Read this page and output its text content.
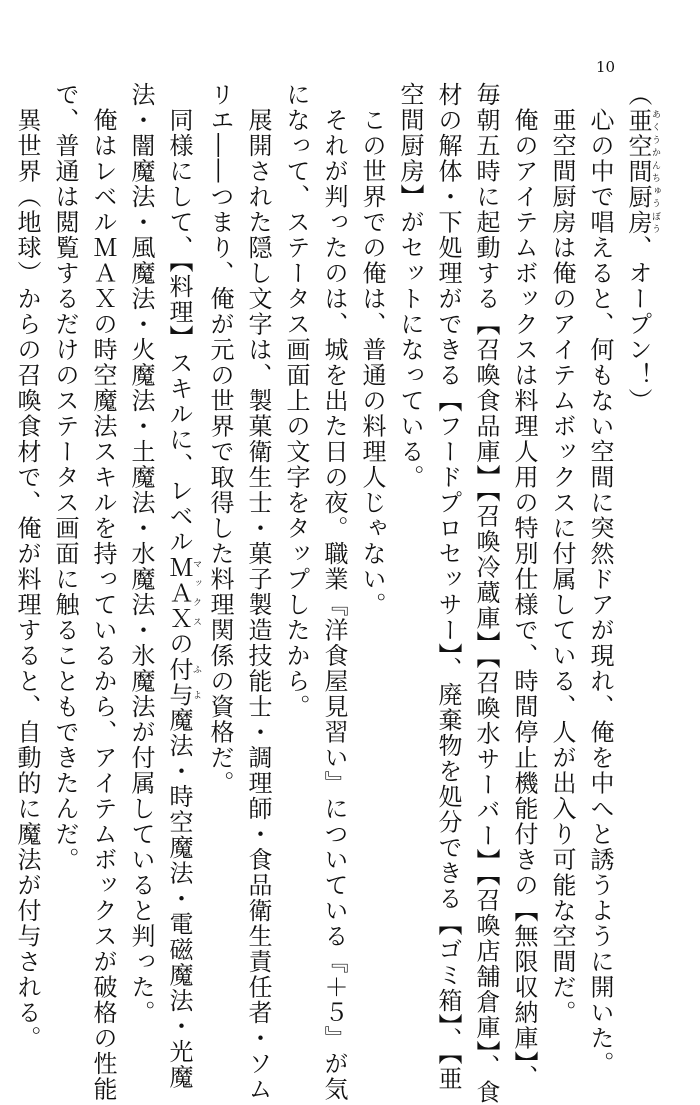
10

（亜空間厨房あくうかんちゅうぼう、オープン！）

　心の中で唱えると、何もない空間に突然ドアが現れ、俺を中へと誘うように開いた。

　亜空間厨房は俺のアイテムボックスに付属している、人が出入り可能な空間だ。

　俺のアイテムボックスは料理人用の特別仕様で、時間停止機能付きの【無限収納庫】、

毎朝五時に起動する【召喚食品庫】【召喚冷蔵庫】【召喚水サーバー】【召喚店舗倉庫】、食

材の解体・下処理ができる【フードプロセッサー】、廃棄物を処分できる【ゴミ箱】、【亜

空間厨房】がセットになっている。

　この世界での俺は、普通の料理人じゃない。

　それが判ったのは、城を出た日の夜。職業『洋食屋見習い』についている『＋５』が気

になって、ステータス画面上の文字をタップしたから。

　展開された隠し文字は、製菓衛生士・菓子製造技能士・調理師・食品衛生責任者・ソム

リエ――つまり、俺が元の世界で取得した料理関係の資格だ。

　同様にして、【料理】スキルに、レベルＭＡＸマックスの付与ふよ魔法・時空魔法・電磁魔法・光魔

法・闇魔法・風魔法・火魔法・土魔法・水魔法・氷魔法が付属していると判った。

　俺はレベルＭＡＸの時空魔法スキルを持っているから、アイテムボックスが破格の性能

で、普通は閲覧するだけのステータス画面に触ることもできたんだ。

　異世界（地球）からの召喚食材で、俺が料理すると、自動的に魔法が付与される。
